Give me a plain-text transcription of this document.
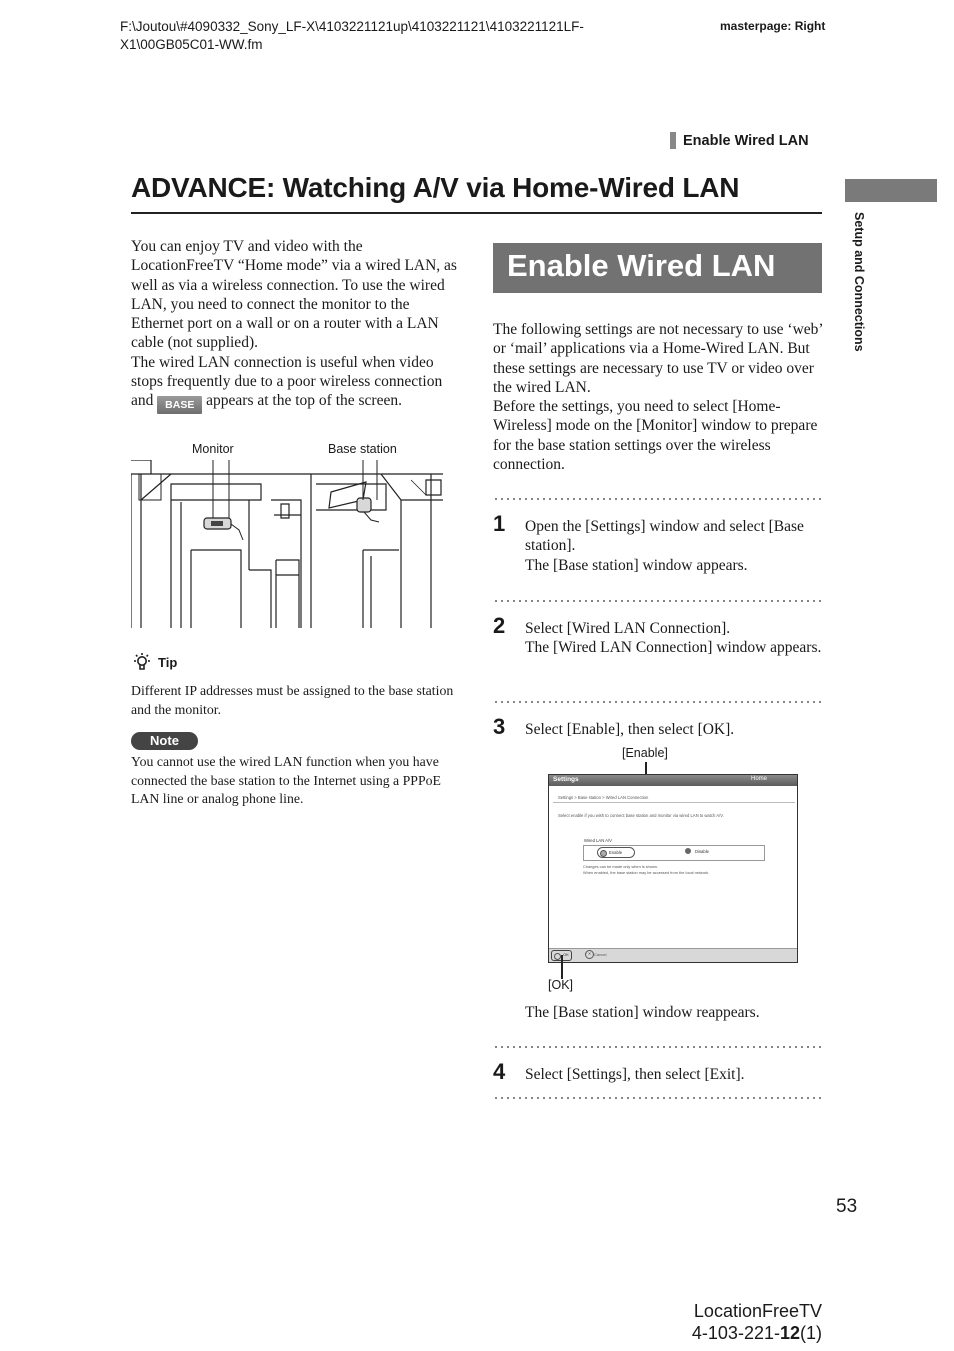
F:\Joutou\#4090332_Sony_LF-X\4103221121up\4103221121\4103221121LF-
X1\00GB05C01-WW.fm
masterpage: Right
Enable Wired LAN
ADVANCE: Watching A/V via Home-Wired LAN
Setup and Connections
You can enjoy TV and video with the LocationFreeTV “Home mode” via a wired LAN, as well as via a wireless connection. To use the wired LAN, you need to connect the monitor to the Ethernet port on a wall or on a router with a LAN cable (not supplied).
The wired LAN connection is useful when video stops frequently due to a poor wireless connection and BASE appears at the top of the screen.
Monitor	Base station
Tip
Different IP addresses must be assigned to the base station and the monitor.
Note
You cannot use the wired LAN function when you have connected the base station to the Internet using a PPPoE LAN line or analog phone line.
Enable Wired LAN
The following settings are not necessary to use ‘web’ or ‘mail’ applications via a Home-Wired LAN. But these settings are necessary to use TV or video over the wired LAN.
Before the settings, you need to select [Home-Wireless] mode on the [Monitor] window to prepare for the base station settings over the wireless connection.
1 Open the [Settings] window and select [Base station].
The [Base station] window appears.
2 Select [Wired LAN Connection].
The [Wired LAN Connection] window appears.
3 Select [Enable], then select [OK].
[Enable]
Settings	Home
Settings > Base station > Wired LAN Connection
Select enable if you wish to connect base station and monitor via wired LAN to watch A/V.
Wired LAN A/V
Enable	Disable
Changes can be made only when is shown.
When enabled, the base station may be accessed from the local network.
OK
✕	Cancel
[OK]
The [Base station] window reappears.
4 Select [Settings], then select [Exit].
53
LocationFreeTV
4-103-221-12(1)
